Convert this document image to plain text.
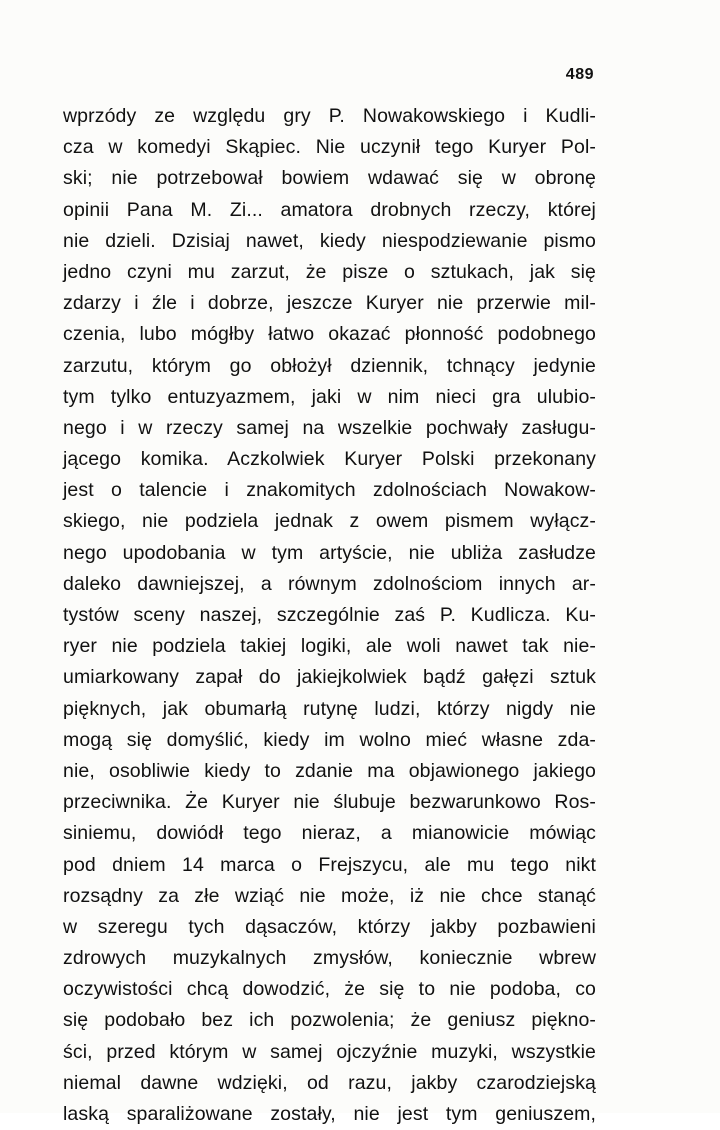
489
wprzódy ze względu gry P. Nowakowskiego i Kudli-
cza w komedyi Skąpiec. Nie uczynił tego Kuryer Pol-
ski; nie potrzebował bowiem wdawać się w obronę
opinii Pana M. Zi... amatora drobnych rzeczy, której
nie dzieli. Dzisiaj nawet, kiedy niespodziewanie pismo
jedno czyni mu zarzut, że pisze o sztukach, jak się
zdarzy i źle i dobrze, jeszcze Kuryer nie przerwie mil-
czenia, lubo mógłby łatwo okazać płonność podobnego
zarzutu, którym go obłożył dziennik, tchnący jedynie
tym tylko entuzyazmem, jaki w nim nieci gra ulubio-
nego i w rzeczy samej na wszelkie pochwały zasługu-
jącego komika. Aczkolwiek Kuryer Polski przekonany
jest o talencie i znakomitych zdolnościach Nowakow-
skiego, nie podziela jednak z owem pismem wyłącz-
nego upodobania w tym artyście, nie ubliża zasłudze
daleko dawniejszej, a równym zdolnościom innych ar-
tystów sceny naszej, szczególnie zaś P. Kudlicza. Ku-
ryer nie podziela takiej logiki, ale woli nawet tak nie-
umiarkowany zapał do jakiejkolwiek bądź gałęzi sztuk
pięknych, jak obumarłą rutynę ludzi, którzy nigdy nie
mogą się domyślić, kiedy im wolno mieć własne zda-
nie, osobliwie kiedy to zdanie ma objawionego jakiego
przeciwnika. Że Kuryer nie ślubuje bezwarunkowo Ros-
siniemu, dowiódł tego nieraz, a mianowicie mówiąc
pod dniem 14 marca o Frejszycu, ale mu tego nikt
rozsądny za złe wziąć nie może, iż nie chce stanąć
w szeregu tych dąsaczów, którzy jakby pozbawieni
zdrowych muzykalnych zmysłów, koniecznie wbrew
oczywistości chcą dowodzić, że się to nie podoba, co
się podobało bez ich pozwolenia; że geniusz piękno-
ści, przed którym w samej ojczyźnie muzyki, wszystkie
niemal dawne wdzięki, od razu, jakby czarodziejską
laską sparaliżowane zostały, nie jest tym geniuszem,
